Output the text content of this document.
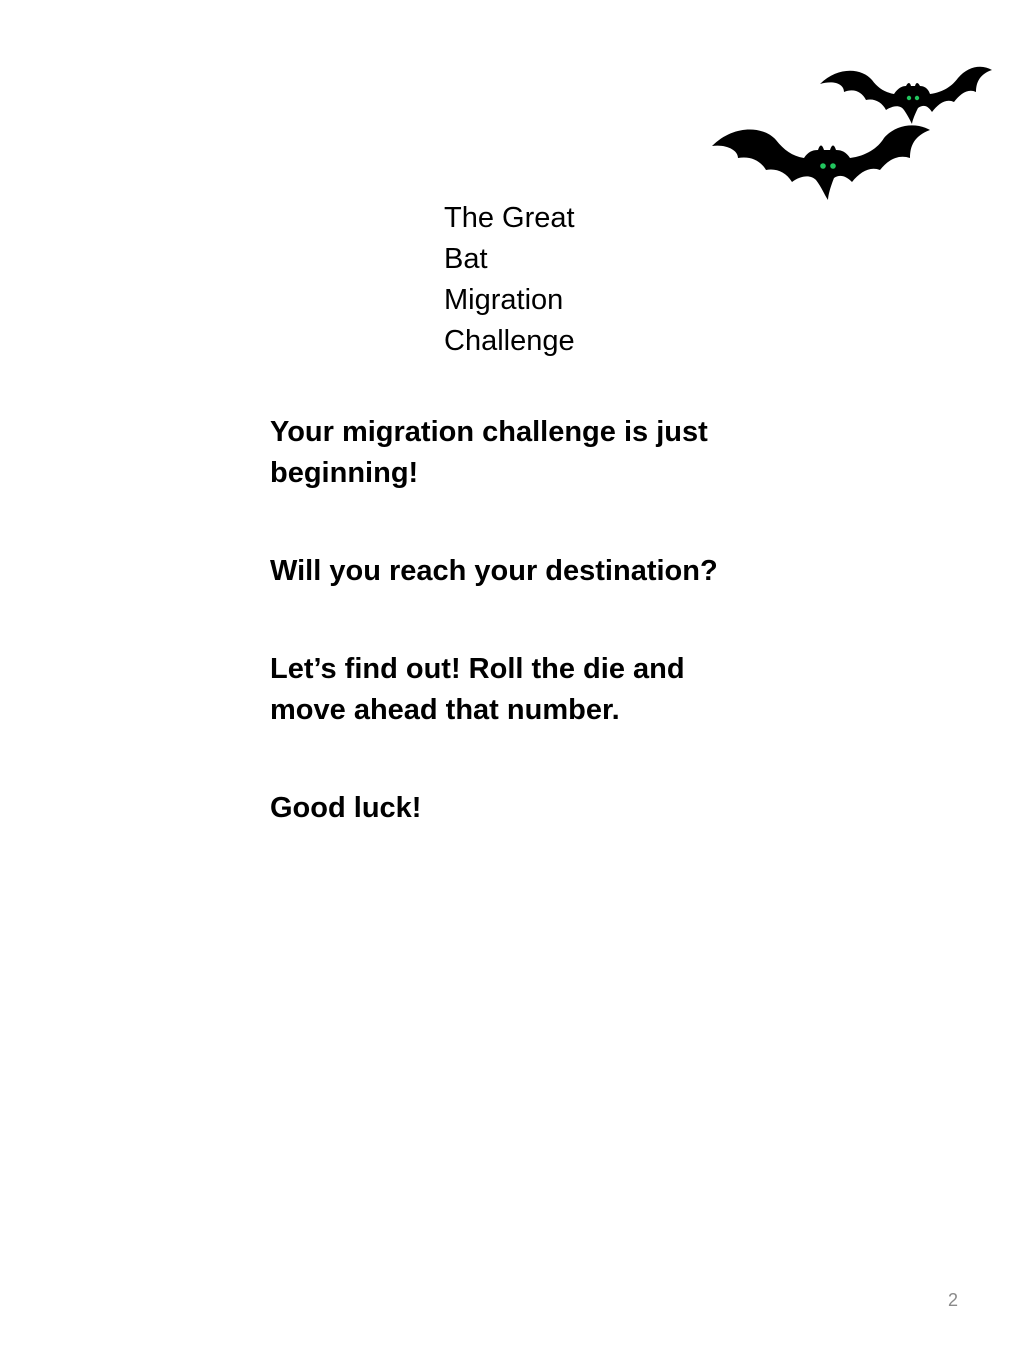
The Great
Bat
Migration
Challenge

Your migration challenge is just beginning!

Will you reach your destination?

Let’s find out! Roll the die and move ahead that number.

Good luck!

2
